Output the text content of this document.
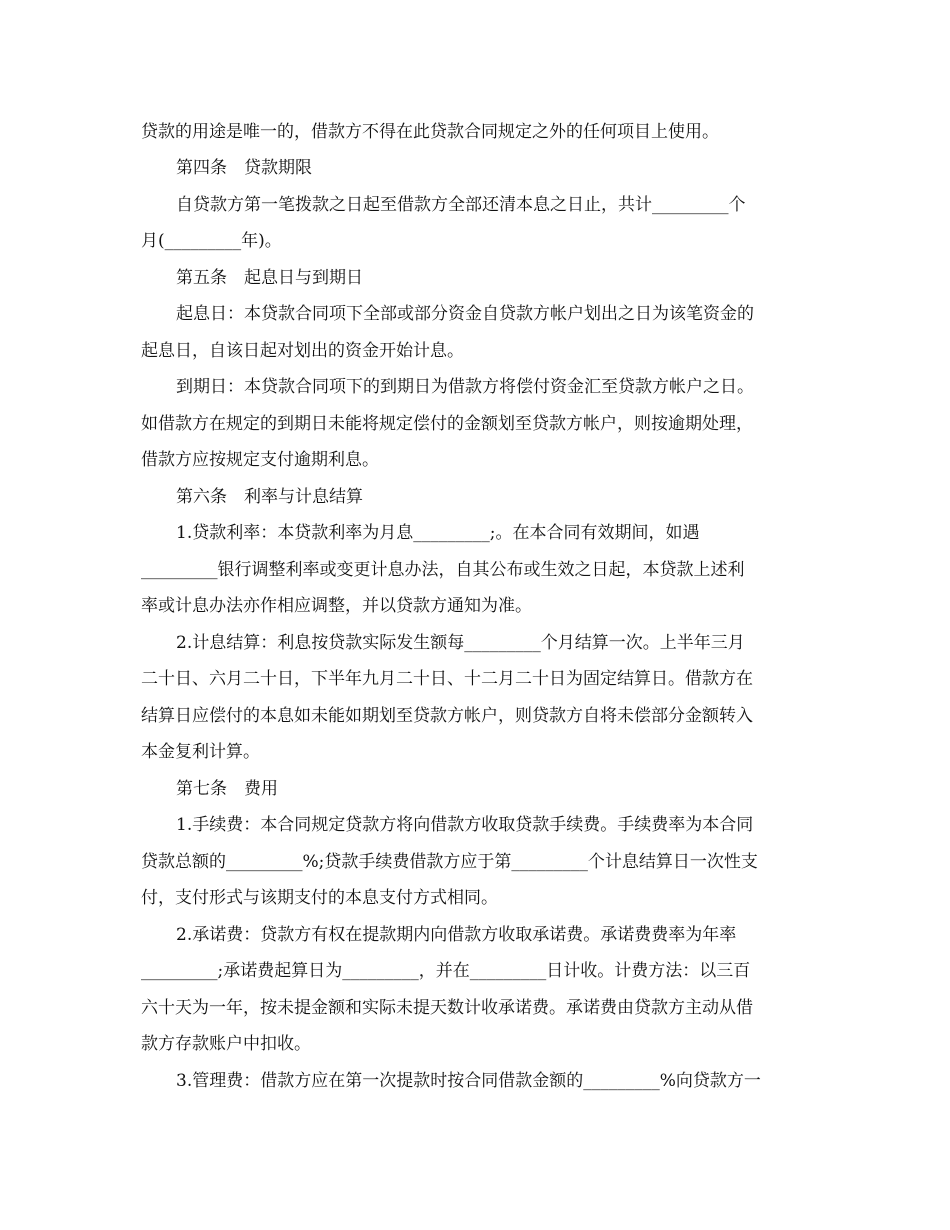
贷款的用途是唯一的，借款方不得在此贷款合同规定之外的任何项目上使用。
第四条　贷款期限
自贷款方第一笔拨款之日起至借款方全部还清本息之日止，共计_________个
月(_________年)。
第五条　起息日与到期日
起息日：本贷款合同项下全部或部分资金自贷款方帐户划出之日为该笔资金的
起息日，自该日起对划出的资金开始计息。
到期日：本贷款合同项下的到期日为借款方将偿付资金汇至贷款方帐户之日。
如借款方在规定的到期日未能将规定偿付的金额划至贷款方帐户，则按逾期处理，
借款方应按规定支付逾期利息。
第六条　利率与计息结算
1.贷款利率：本贷款利率为月息_________;。在本合同有效期间，如遇
_________银行调整利率或变更计息办法，自其公布或生效之日起，本贷款上述利
率或计息办法亦作相应调整，并以贷款方通知为准。
2.计息结算：利息按贷款实际发生额每_________个月结算一次。上半年三月
二十日、六月二十日，下半年九月二十日、十二月二十日为固定结算日。借款方在
结算日应偿付的本息如未能如期划至贷款方帐户，则贷款方自将未偿部分金额转入
本金复利计算。
第七条　费用
1.手续费：本合同规定贷款方将向借款方收取贷款手续费。手续费率为本合同
贷款总额的_________%;贷款手续费借款方应于第_________个计息结算日一次性支
付，支付形式与该期支付的本息支付方式相同。
2.承诺费：贷款方有权在提款期内向借款方收取承诺费。承诺费费率为年率
_________;承诺费起算日为_________，并在_________日计收。计费方法：以三百
六十天为一年，按未提金额和实际未提天数计收承诺费。承诺费由贷款方主动从借
款方存款账户中扣收。
3.管理费：借款方应在第一次提款时按合同借款金额的_________%向贷款方一
